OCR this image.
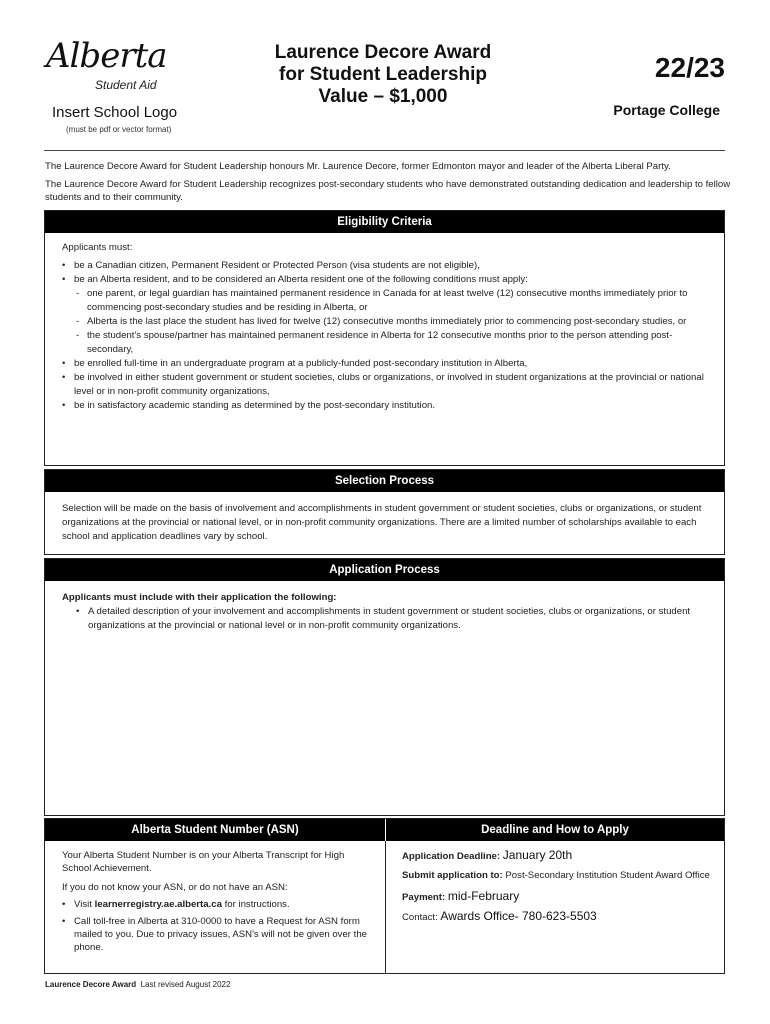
Alberta
Student Aid
Insert School Logo
(must be pdf or vector format)
Laurence Decore Award
for Student Leadership
Value – $1,000
22/23
Portage College
The Laurence Decore Award for Student Leadership honours Mr. Laurence Decore, former Edmonton mayor and leader of the Alberta Liberal Party.
The Laurence Decore Award for Student Leadership recognizes post-secondary students who have demonstrated outstanding dedication and leadership to fellow students and to their community.
Eligibility Criteria
Applicants must:
• be a Canadian citizen, Permanent Resident or Protected Person (visa students are not eligible),
• be an Alberta resident, and to be considered an Alberta resident one of the following conditions must apply:
- one parent, or legal guardian has maintained permanent residence in Canada for at least twelve (12) consecutive months immediately prior to commencing post-secondary studies and be residing in Alberta, or
- Alberta is the last place the student has lived for twelve (12) consecutive months immediately prior to commencing post-secondary studies, or
- the student's spouse/partner has maintained permanent residence in Alberta for 12 consecutive months prior to the person attending post-secondary,
• be enrolled full-time in an undergraduate program at a publicly-funded post-secondary institution in Alberta,
• be involved in either student government or student societies, clubs or organizations, or involved in student organizations at the provincial or national level or in non-profit community organizations,
• be in satisfactory academic standing as determined by the post-secondary institution.
Selection Process
Selection will be made on the basis of involvement and accomplishments in student government or student societies, clubs or organizations, or student organizations at the provincial or national level, or in non-profit community organizations. There are a limited number of scholarships available to each school and application deadlines vary by school.
Application Process
Applicants must include with their application the following:
• A detailed description of your involvement and accomplishments in student government or student societies, clubs or organizations, or student organizations at the provincial or national level or in non-profit community organizations.
Alberta Student Number (ASN)	Deadline and How to Apply
Your Alberta Student Number is on your Alberta Transcript for High School Achievement.
If you do not know your ASN, or do not have an ASN:
• Visit learnerregistry.ae.alberta.ca for instructions.
• Call toll-free in Alberta at 310-0000 to have a Request for ASN form mailed to you. Due to privacy issues, ASN's will not be given over the phone.
Application Deadline: January 20th
Submit application to: Post-Secondary Institution Student Award Office
Payment: mid-February
Contact: Awards Office- 780-623-5503
Laurence Decore Award Last revised August 2022
